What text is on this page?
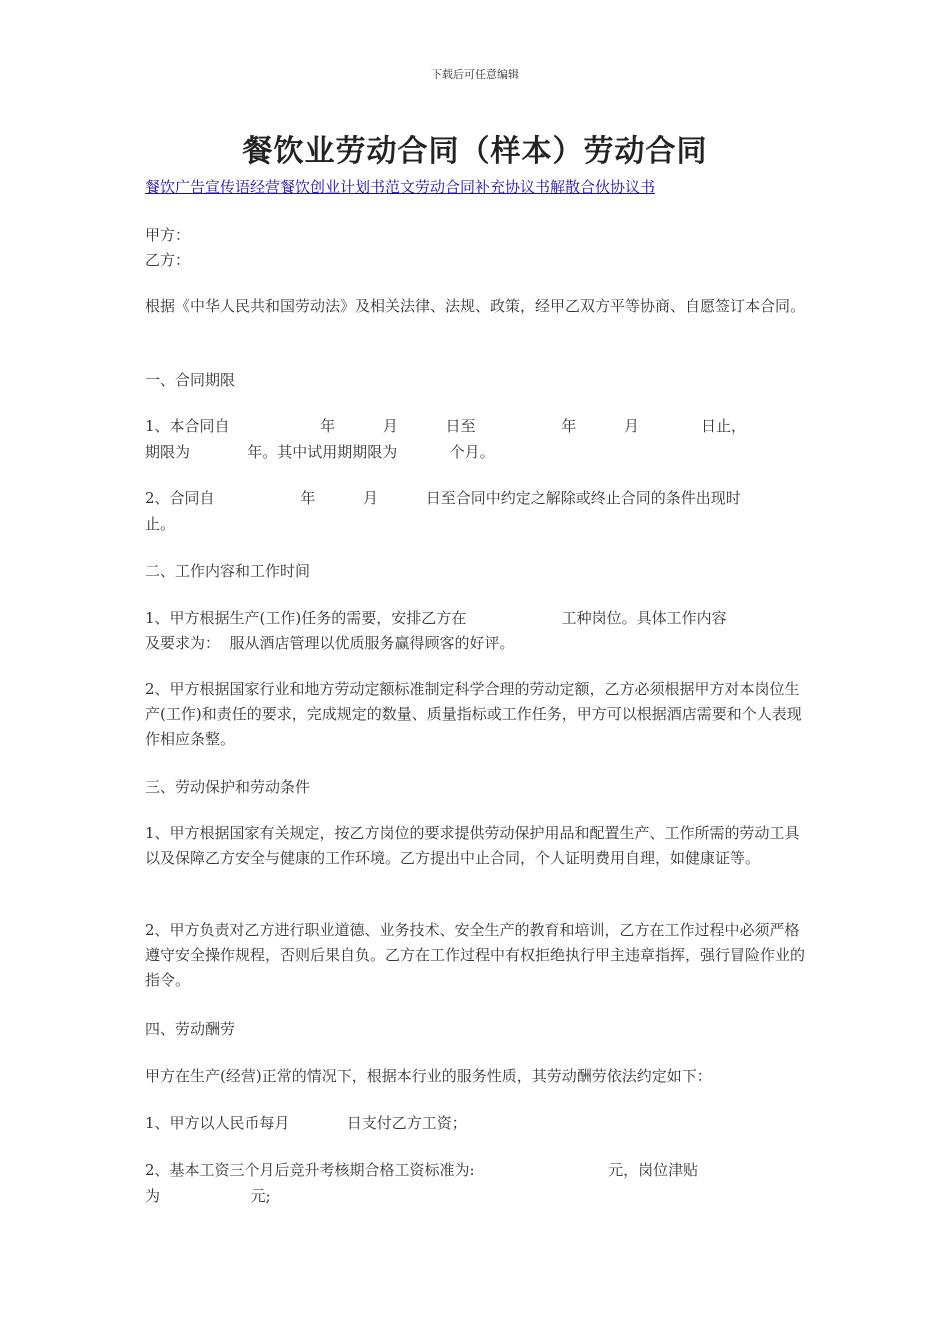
下载后可任意编辑
餐饮业劳动合同（样本）劳动合同
餐饮广告宣传语经营餐饮创业计划书范文劳动合同补充协议书解散合伙协议书
甲方：
乙方：
根据《中华人民共和国劳动法》及相关法律、法规、政策，经甲乙双方平等协商、自愿签订本合同。
一、合同期限
1、本合同自                   年          月          日至                  年          月             日止，
期限为            年。其中试用期期限为           个月。
2、合同自                  年          月          日至合同中约定之解除或终止合同的条件出现时
止。
二、工作内容和工作时间
1、甲方根据生产(工作)任务的需要，安排乙方在                    工种岗位。具体工作内容
及要求为：  服从酒店管理以优质服务赢得顾客的好评。
2、甲方根据国家行业和地方劳动定额标准制定科学合理的劳动定额，乙方必须根据甲方对本岗位生产(工作)和责任的要求，完成规定的数量、质量指标或工作任务，甲方可以根据酒店需要和个人表现作相应条整。
三、劳动保护和劳动条件
1、甲方根据国家有关规定，按乙方岗位的要求提供劳动保护用品和配置生产、工作所需的劳动工具以及保障乙方安全与健康的工作环境。乙方提出中止合同，个人证明费用自理，如健康证等。
2、甲方负责对乙方进行职业道德、业务技术、安全生产的教育和培训，乙方在工作过程中必须严格遵守安全操作规程，否则后果自负。乙方在工作过程中有权拒绝执行甲主违章指挥，强行冒险作业的指令。
四、劳动酬劳
甲方在生产(经营)正常的情况下，根据本行业的服务性质，其劳动酬劳依法约定如下：
1、甲方以人民币每月            日支付乙方工资；
2、基本工资三个月后竞升考核期合格工资标准为:                            元，岗位津贴
为                   元;
